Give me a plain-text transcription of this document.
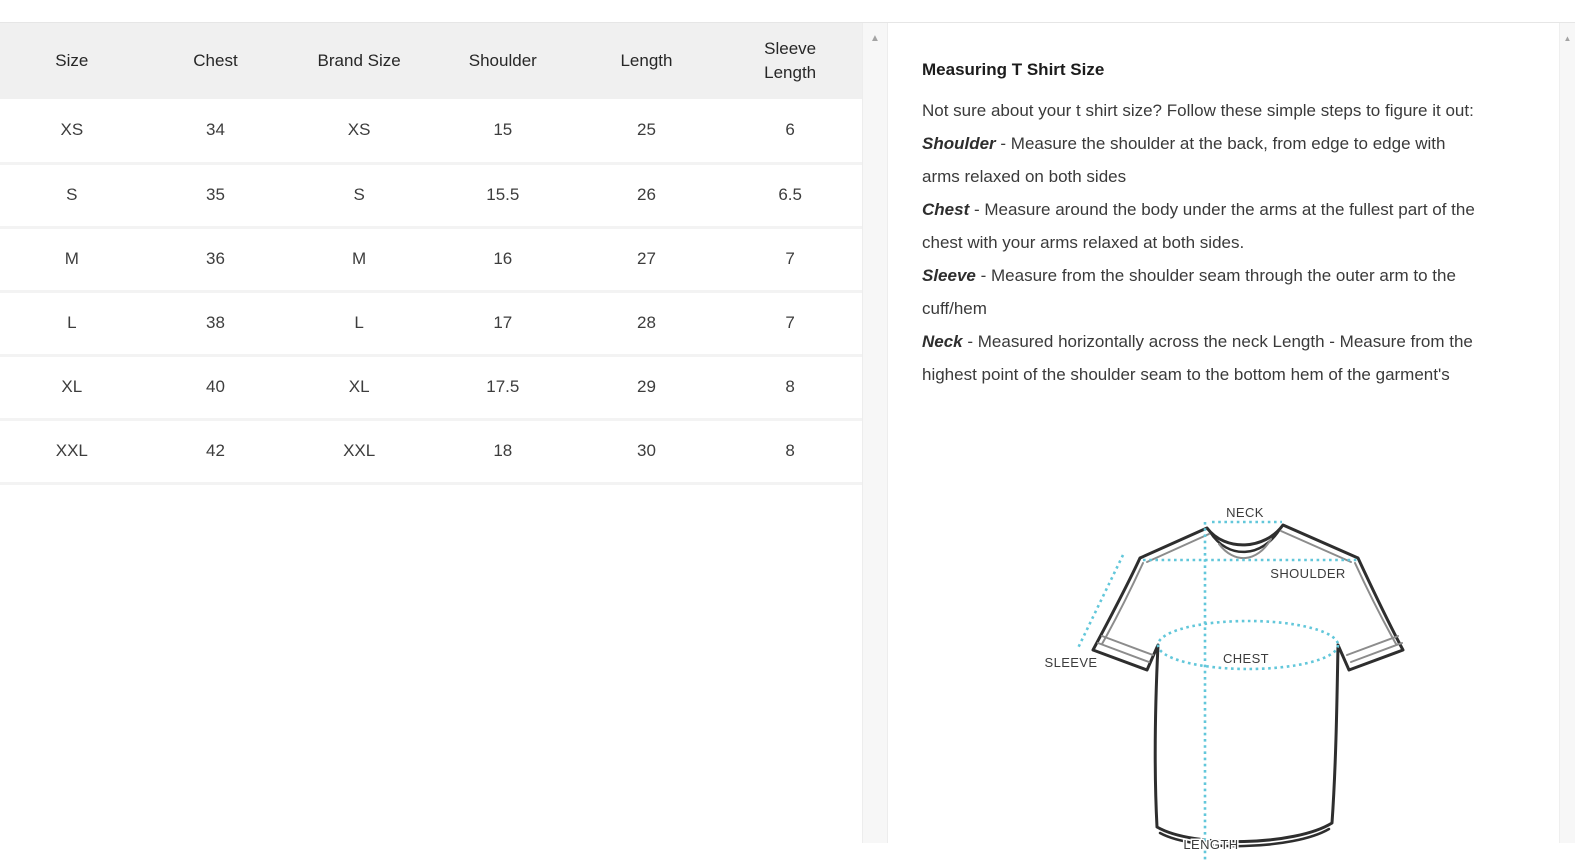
Size	Chest	Brand Size	Shoulder	Length	Sleeve Length
XS	34	XS	15	25	6
S	35	S	15.5	26	6.5
M	36	M	16	27	7
L	38	L	17	28	7
XL	40	XL	17.5	29	8
XXL	42	XXL	18	30	8
▲
Measuring T Shirt Size
Not sure about your t shirt size? Follow these simple steps to figure it out:
Shoulder - Measure the shoulder at the back, from edge to edge with arms relaxed on both sides
Chest - Measure around the body under the arms at the fullest part of the chest with your arms relaxed at both sides.
Sleeve - Measure from the shoulder seam through the outer arm to the cuff/hem
Neck - Measured horizontally across the neck Length - Measure from the highest point of the shoulder seam to the bottom hem of the garment's
NECK
SHOULDER
SLEEVE	CHEST
LENGTH
▲
